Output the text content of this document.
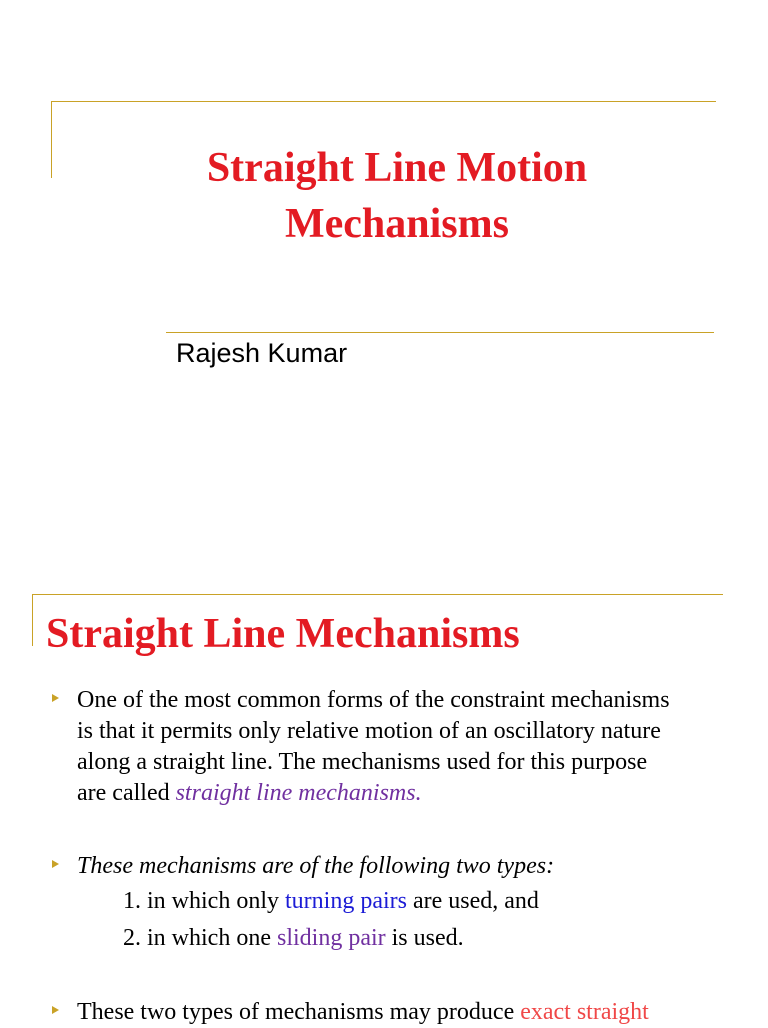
Straight Line Motion
Mechanisms
Rajesh Kumar
Straight Line Mechanisms
One of the most common forms of the constraint mechanisms
is that it permits only relative motion of an oscillatory nature
along a straight line. The mechanisms used for this purpose
are called straight line mechanisms.
These mechanisms are of the following two types:
1. in which only turning pairs are used, and
2. in which one sliding pair is used.
These two types of mechanisms may produce exact straight
